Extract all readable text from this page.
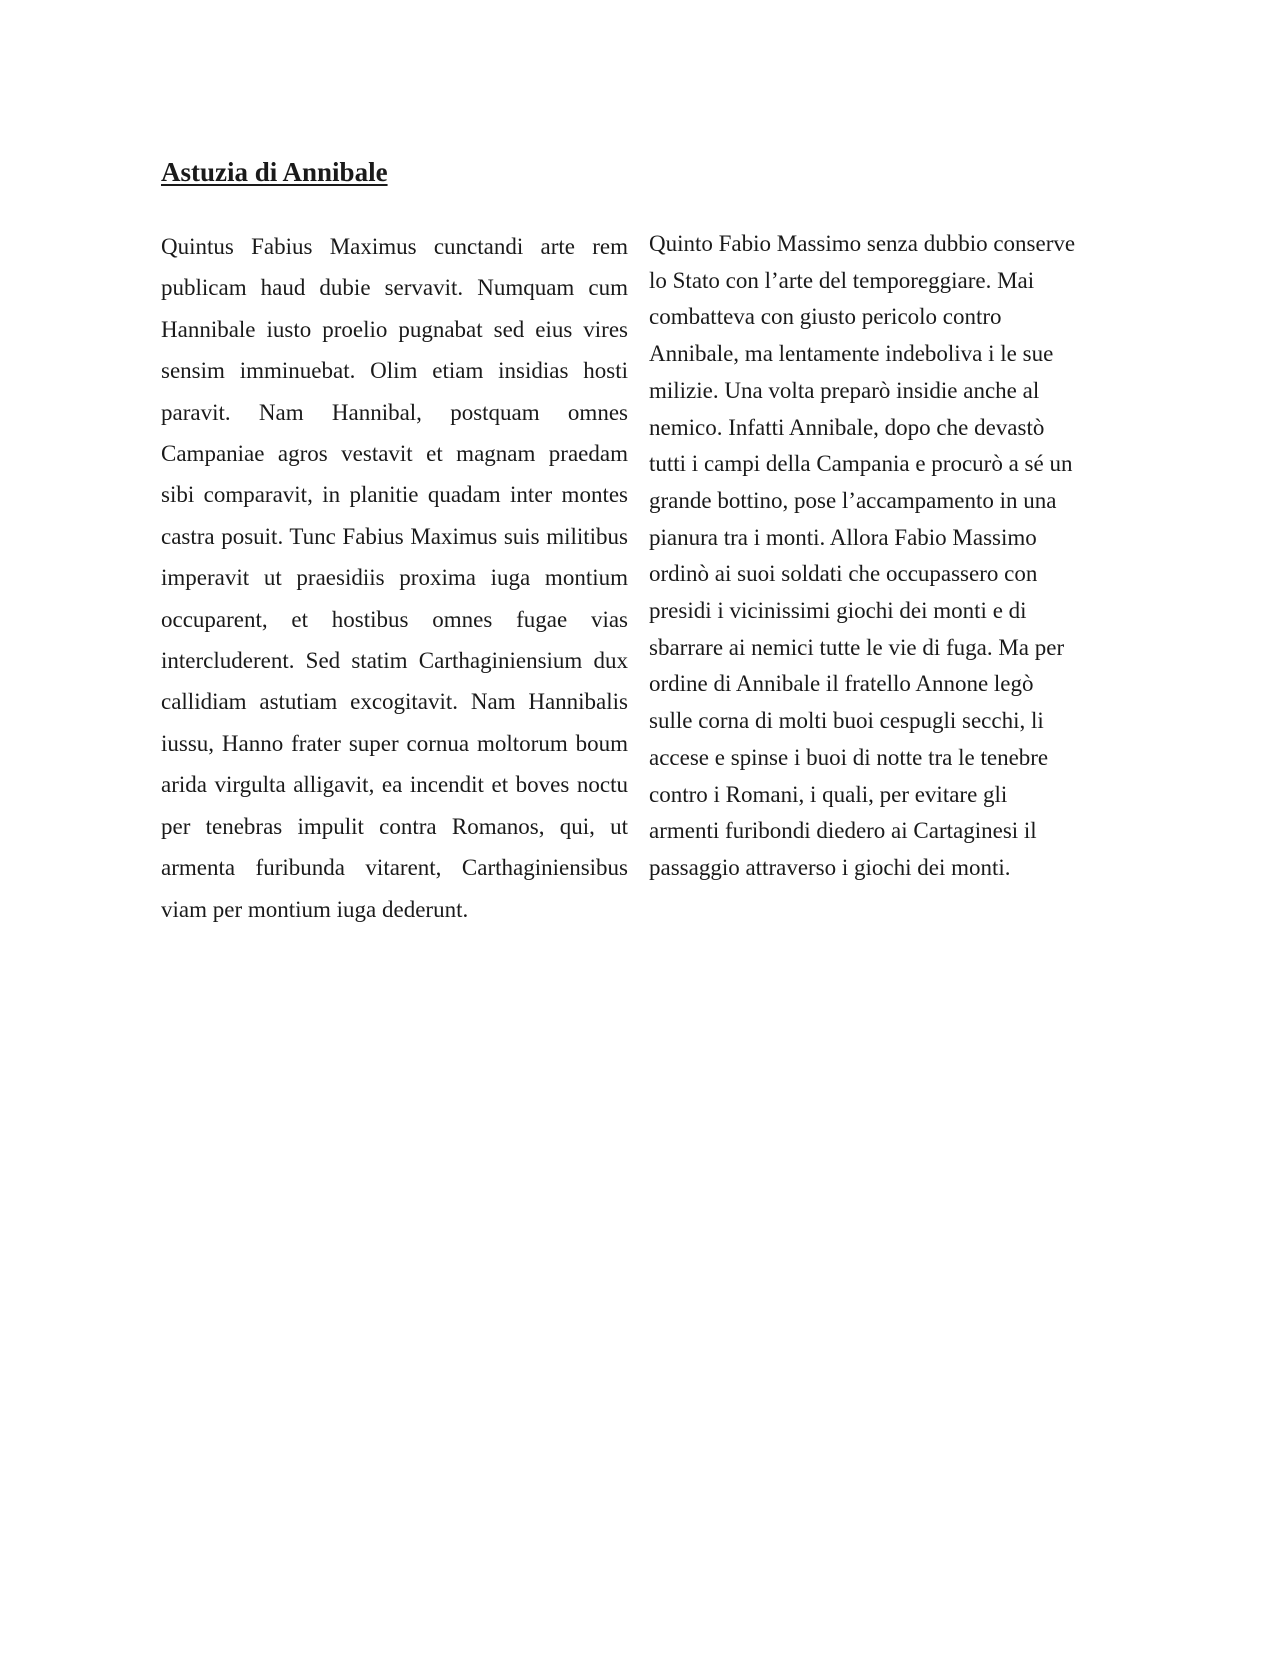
Astuzia di Annibale

Quintus Fabius Maximus cunctandi arte rem publicam haud dubie servavit. Numquam cum Hannibale iusto proelio pugnabat sed eius vires sensim imminuebat. Olim etiam insidias hosti paravit. Nam Hannibal, postquam omnes Campaniae agros vestavit et magnam praedam sibi comparavit, in planitie quadam inter montes castra posuit. Tunc Fabius Maximus suis militibus imperavit ut praesidiis proxima iuga montium occuparent, et hostibus omnes fugae vias intercluderent. Sed statim Carthaginiensium dux callidiam astutiam excogitavit. Nam Hannibalis iussu, Hanno frater super cornua moltorum boum arida virgulta alligavit, ea incendit et boves noctu per tenebras impulit contra Romanos, qui, ut armenta furibunda vitarent, Carthaginiensibus viam per montium iuga dederunt.

Quinto Fabio Massimo senza dubbio conserve
lo Stato con l’arte del temporeggiare. Mai
combatteva con giusto pericolo contro
Annibale, ma lentamente indeboliva i le sue
milizie. Una volta preparò insidie anche al
nemico. Infatti Annibale, dopo che devastò
tutti i campi della Campania e procurò a sé un
grande bottino, pose l’accampamento in una
pianura tra i monti. Allora Fabio Massimo
ordinò ai suoi soldati che occupassero con
presidi i vicinissimi giochi dei monti e di
sbarrare ai nemici tutte le vie di fuga. Ma per
ordine di Annibale il fratello Annone legò
sulle corna di molti buoi cespugli secchi, li
accese e spinse i buoi di notte tra le tenebre
contro i Romani, i quali, per evitare gli
armenti furibondi diedero ai Cartaginesi il
passaggio attraverso i giochi dei monti.
